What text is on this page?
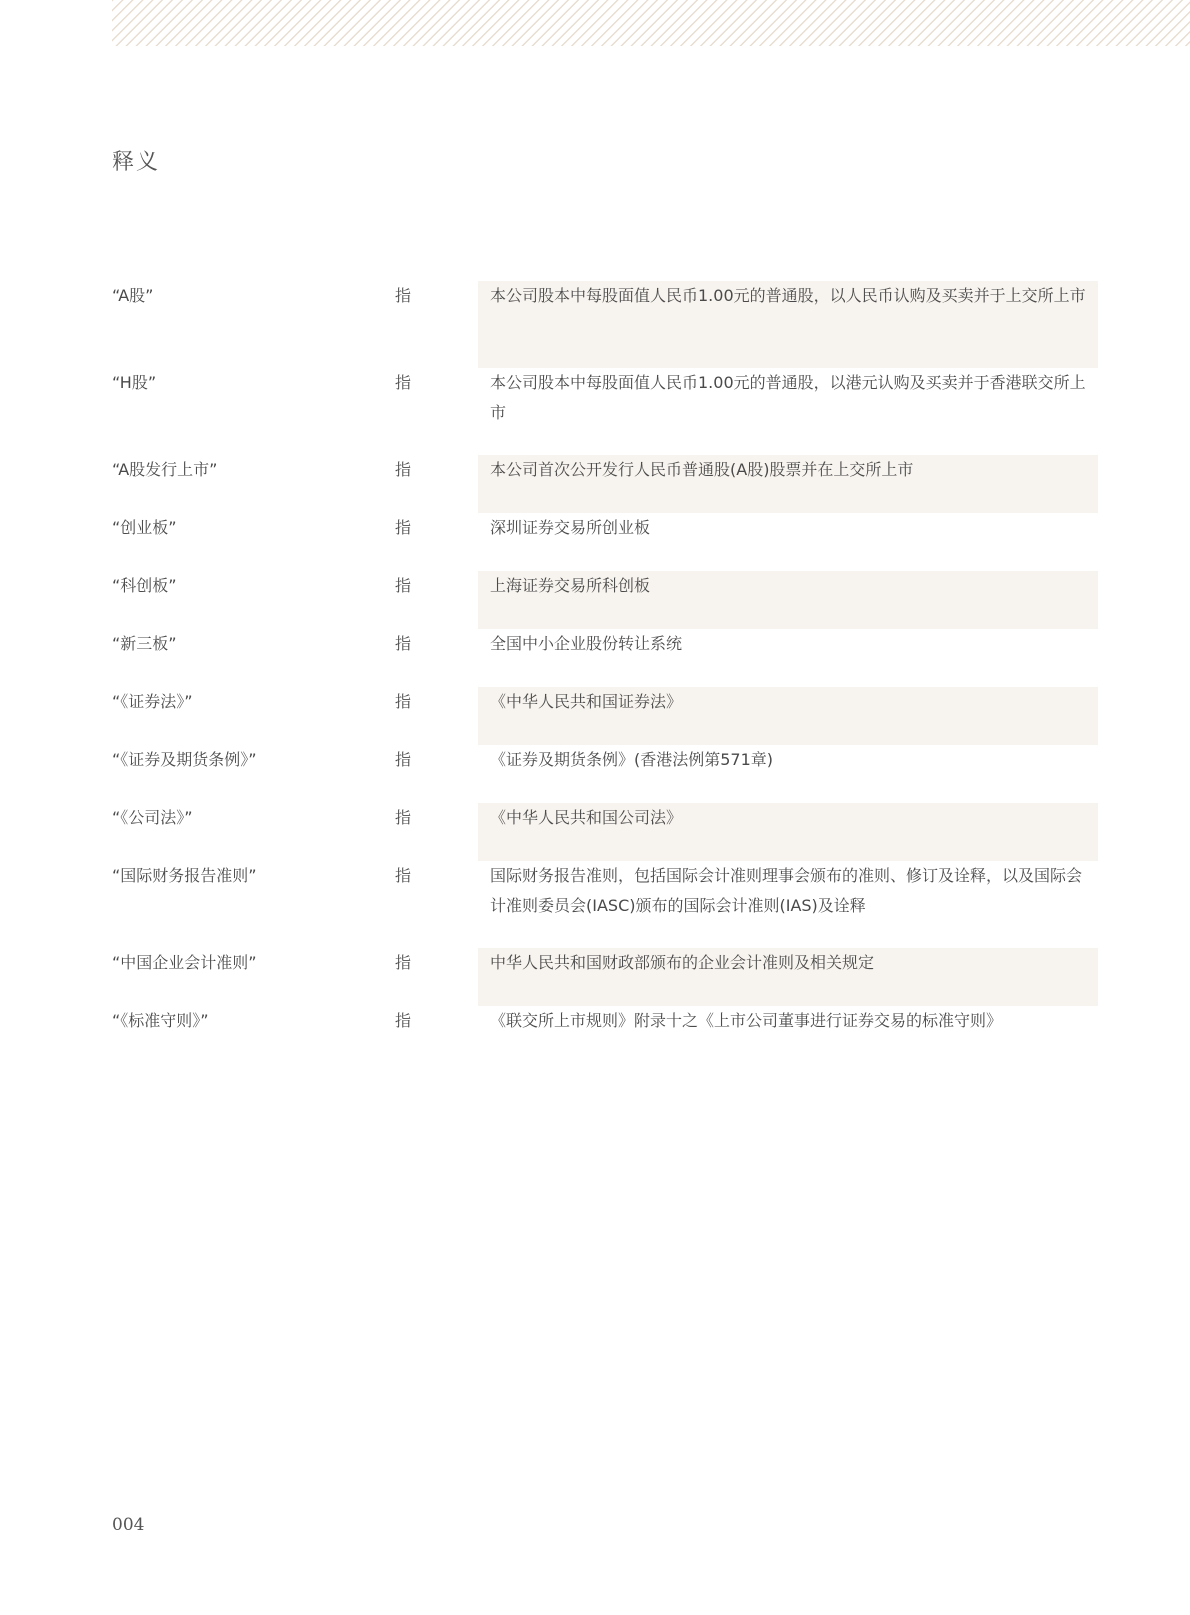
释义
“A股”	指	本公司股本中每股面值人民币1.00元的普通股，以人民币认购及买卖并于上交所上市
“H股”	指	本公司股本中每股面值人民币1.00元的普通股，以港元认购及买卖并于香港联交所上市
“A股发行上市”	指	本公司首次公开发行人民币普通股(A股)股票并在上交所上市
“创业板”	指	深圳证券交易所创业板
“科创板”	指	上海证券交易所科创板
“新三板”	指	全国中小企业股份转让系统
“《证券法》”	指	《中华人民共和国证券法》
“《证券及期货条例》”	指	《证券及期货条例》(香港法例第571章)
“《公司法》”	指	《中华人民共和国公司法》
“国际财务报告准则”	指	国际财务报告准则，包括国际会计准则理事会颁布的准则、修订及诠释，以及国际会计准则委员会(IASC)颁布的国际会计准则(IAS)及诠释
“中国企业会计准则”	指	中华人民共和国财政部颁布的企业会计准则及相关规定
“《标准守则》”	指	《联交所上市规则》附录十之《上市公司董事进行证券交易的标准守则》
004
